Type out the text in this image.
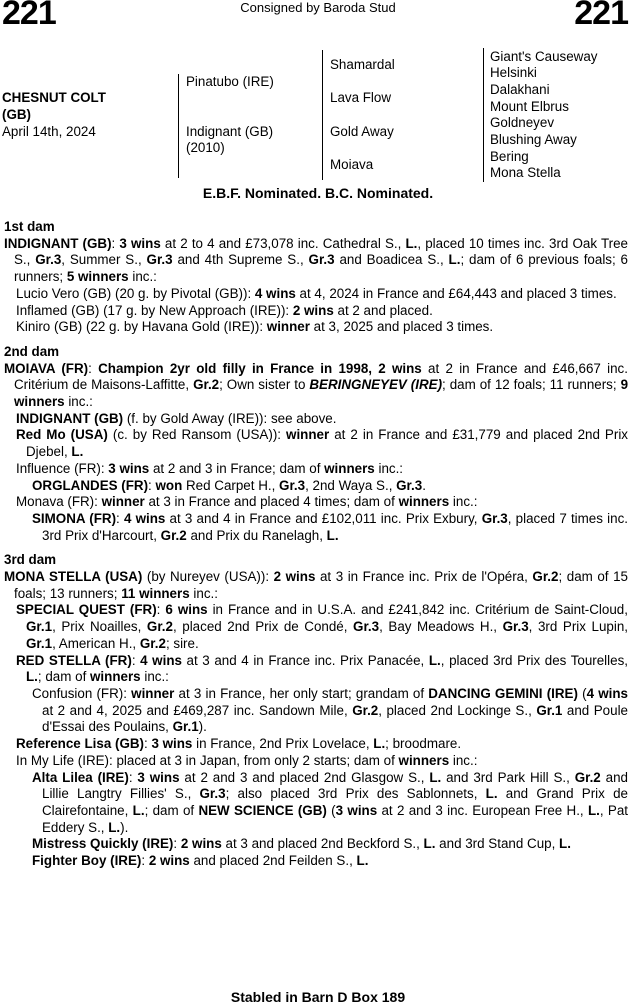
221	Consigned by Baroda Stud	221
CHESNUT COLT
(GB)
April 14th, 2024
Pinatubo (IRE)
Indignant (GB)
(2010)
Shamardal
Lava Flow
Gold Away
Moiava
Giant's Causeway
Helsinki
Dalakhani
Mount Elbrus
Goldneyev
Blushing Away
Bering
Mona Stella
E.B.F. Nominated. B.C. Nominated.
1st dam
INDIGNANT (GB): 3 wins at 2 to 4 and £73,078 inc. Cathedral S., L., placed 10 times inc. 3rd Oak Tree S., Gr.3, Summer S., Gr.3 and 4th Supreme S., Gr.3 and Boadicea S., L.; dam of 6 previous foals; 6 runners; 5 winners inc.:
Lucio Vero (GB) (20 g. by Pivotal (GB)): 4 wins at 4, 2024 in France and £64,443 and placed 3 times.
Inflamed (GB) (17 g. by New Approach (IRE)): 2 wins at 2 and placed.
Kiniro (GB) (22 g. by Havana Gold (IRE)): winner at 3, 2025 and placed 3 times.
2nd dam
MOIAVA (FR): Champion 2yr old filly in France in 1998, 2 wins at 2 in France and £46,667 inc. Critérium de Maisons-Laffitte, Gr.2; Own sister to BERINGNEYEV (IRE); dam of 12 foals; 11 runners; 9 winners inc.:
INDIGNANT (GB) (f. by Gold Away (IRE)): see above.
Red Mo (USA) (c. by Red Ransom (USA)): winner at 2 in France and £31,779 and placed 2nd Prix Djebel, L.
Influence (FR): 3 wins at 2 and 3 in France; dam of winners inc.:
ORGLANDES (FR): won Red Carpet H., Gr.3, 2nd Waya S., Gr.3.
Monava (FR): winner at 3 in France and placed 4 times; dam of winners inc.:
SIMONA (FR): 4 wins at 3 and 4 in France and £102,011 inc. Prix Exbury, Gr.3, placed 7 times inc. 3rd Prix d'Harcourt, Gr.2 and Prix du Ranelagh, L.
3rd dam
MONA STELLA (USA) (by Nureyev (USA)): 2 wins at 3 in France inc. Prix de l'Opéra, Gr.2; dam of 15 foals; 13 runners; 11 winners inc.:
SPECIAL QUEST (FR): 6 wins in France and in U.S.A. and £241,842 inc. Critérium de Saint-Cloud, Gr.1, Prix Noailles, Gr.2, placed 2nd Prix de Condé, Gr.3, Bay Meadows H., Gr.3, 3rd Prix Lupin, Gr.1, American H., Gr.2; sire.
RED STELLA (FR): 4 wins at 3 and 4 in France inc. Prix Panacée, L., placed 3rd Prix des Tourelles, L.; dam of winners inc.:
Confusion (FR): winner at 3 in France, her only start; grandam of DANCING GEMINI (IRE) (4 wins at 2 and 4, 2025 and £469,287 inc. Sandown Mile, Gr.2, placed 2nd Lockinge S., Gr.1 and Poule d'Essai des Poulains, Gr.1).
Reference Lisa (GB): 3 wins in France, 2nd Prix Lovelace, L.; broodmare.
In My Life (IRE): placed at 3 in Japan, from only 2 starts; dam of winners inc.:
Alta Lilea (IRE): 3 wins at 2 and 3 and placed 2nd Glasgow S., L. and 3rd Park Hill S., Gr.2 and Lillie Langtry Fillies' S., Gr.3; also placed 3rd Prix des Sablonnets, L. and Grand Prix de Clairefontaine, L.; dam of NEW SCIENCE (GB) (3 wins at 2 and 3 inc. European Free H., L., Pat Eddery S., L.).
Mistress Quickly (IRE): 2 wins at 3 and placed 2nd Beckford S., L. and 3rd Stand Cup, L.
Fighter Boy (IRE): 2 wins and placed 2nd Feilden S., L.
Stabled in Barn D Box 189
